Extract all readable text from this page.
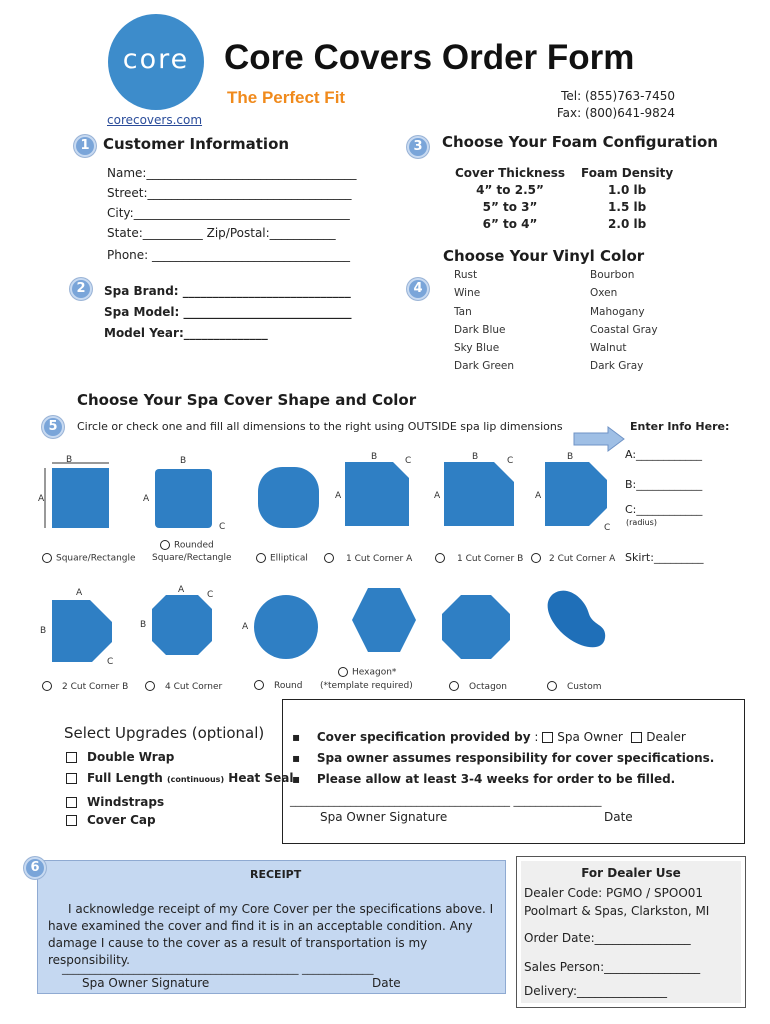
core
corecovers.com
Core Covers Order Form
The Perfect Fit	Tel: (855)763-7450
Fax: (800)641-9824
1 Customer Information
Name:___________________________________
Street:__________________________________
City:____________________________________
State:__________ Zip/Postal:___________
Phone: _________________________________
2	Spa Brand: ____________________________
Spa Model: ____________________________
Model Year:______________
3	Choose Your Foam Configuration
Cover Thickness	Foam Density
4” to 2.5”	1.0 lb
5” to 3”	1.5 lb
6” to 4”	2.0 lb
4
Choose Your Vinyl Color
Rust
Wine
Tan
Dark Blue
Sky Blue
Dark Green
Bourbon
Oxen
Mahogany
Coastal Gray
Walnut
Dark Gray
Choose Your Spa Cover Shape and Color
5	Circle or check one and fill all dimensions to the right using OUTSIDE spa lip dimensions	Enter Info Here:
A:____________
B:____________
C:____________
(radius)
Skirt:_________
B
A
B
A
C
B
A
C	B
A
C	B
A
C
Square/Rectangle
Rounded
Square/Rectangle	Elliptical	1 Cut Corner A	1 Cut Corner B	2 Cut Corner A
A
B
C
A
B
C
A
2 Cut Corner B	4 Cut Corner	Round
Hexagon*
(*template required)	Octagon	Custom
Select Upgrades (optional)
Double Wrap
Full Length (continuous) Heat Seal
Windstraps
Cover Cap
▪    Cover specification provided by : Spa Owner Dealer
▪    Spa owner assumes responsibility for cover specifications.
▪    Please allow at least 3-4 weeks for order to be filled.
________________________________________ ________________
Spa Owner Signature	Date
6	RECEIPT
I acknowledge receipt of my Core Cover per the specifications above. I have examined the cover and find it is in an acceptable condition. Any damage I cause to the cover as a result of transportation is my responsibility.
___________________________________________ _____________
Spa Owner Signature	Date
For Dealer Use
Dealer Code: PGMO / SPOO01
Poolmart & Spas, Clarkston, MI
Order Date:________________
Sales Person:________________
Delivery:_______________
